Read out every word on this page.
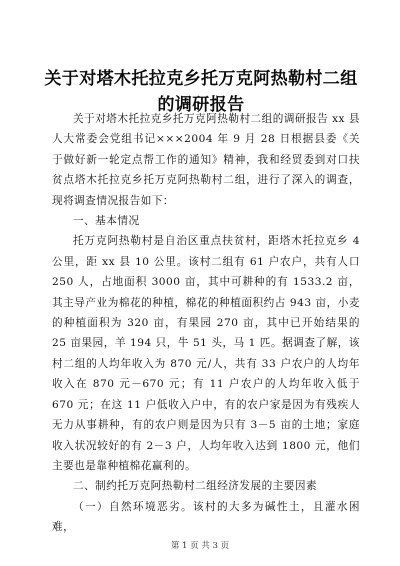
关于对塔木托拉克乡托万克阿热勒村二组的调研报告

关于对塔木托拉克乡托万克阿热勒村二组的调研报告 xx 县人大常委会党组书记×××2004 年 9 月 28 日根据县委《关于做好新一轮定点帮工作的通知》精神，我和经贸委到对口扶贫点塔木托拉克乡托万克阿热勒村二组，进行了深入的调查，现将调查情况报告如下：

一、基本情况

托万克阿热勒村是自治区重点扶贫村，距塔木托拉克乡 4 公里，距 xx 县 10 公里。该村二组有 61 户农户，共有人口 250 人，占地面积 3000 亩，其中可耕种的有 1533.2 亩，其主导产业为棉花的种植，棉花的种植面积约占 943 亩，小麦的种植面积为 320 亩，有果园 270 亩，其中已开始结果的 25 亩果园，羊 194 只，牛 51 头，马 1 匹。据调查了解，该村二组的人均年收入为 870 元/人，共有 33 户农户的人均年收入在 870 元－670 元；有 11 户农户的人均年收入低于 670 元；在这 11 户低收入户中，有的农户家是因为有残疾人无力从事耕种，有的农户则是因为只有 3－5 亩的土地；家庭收入状况较好的有 2－3 户，人均年收入达到 1800 元，他们主要也是靠种植棉花赢利的。

二、制约托万克阿热勒村二组经济发展的主要因素

（一）自然环境恶劣。该村的大多为碱性土，且灌水困难，

第 1 页 共 3 页
